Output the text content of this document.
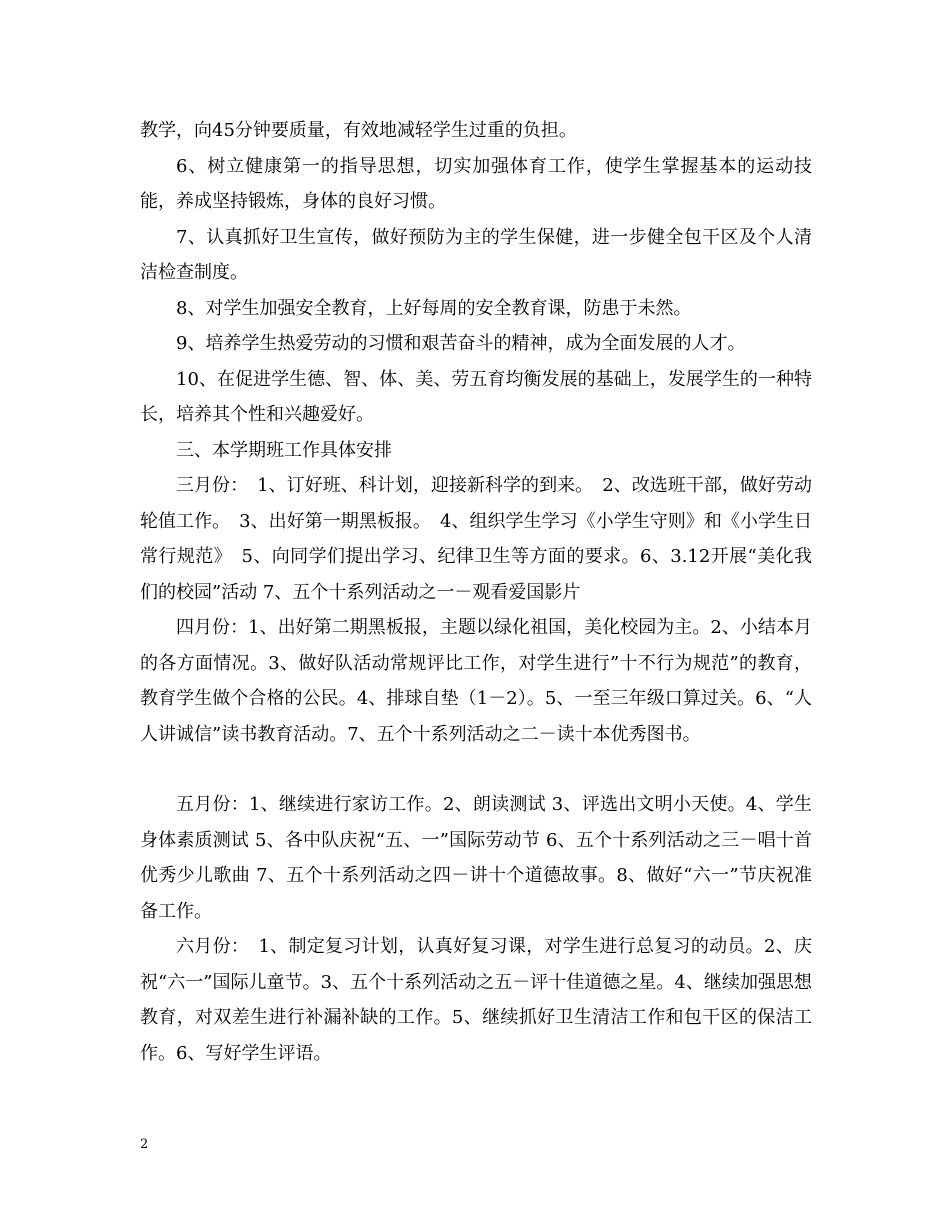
教学，向45分钟要质量，有效地减轻学生过重的负担。

6、树立健康第一的指导思想，切实加强体育工作，使学生掌握基本的运动技能，养成坚持锻炼，身体的良好习惯。

7、认真抓好卫生宣传，做好预防为主的学生保健，进一步健全包干区及个人清洁检查制度。

8、对学生加强安全教育，上好每周的安全教育课，防患于未然。

9、培养学生热爱劳动的习惯和艰苦奋斗的精神，成为全面发展的人才。

10、在促进学生德、智、体、美、劳五育均衡发展的基础上，发展学生的一种特长，培养其个性和兴趣爱好。

三、本学期班工作具体安排

三月份：　1、订好班、科计划，迎接新科学的到来。　2、改选班干部，做好劳动轮值工作。　3、出好第一期黑板报。　4、组织学生学习《小学生守则》和《小学生日常行规范》　5、向同学们提出学习、纪律卫生等方面的要求。6、3.12开展“美化我们的校园”活动 7、五个十系列活动之一－观看爱国影片

四月份：1、出好第二期黑板报，主题以绿化祖国，美化校园为主。2、小结本月的各方面情况。3、做好队活动常规评比工作，对学生进行”十不行为规范”的教育，教育学生做个合格的公民。4、排球自垫（1－2）。5、一至三年级口算过关。6、“人人讲诚信”读书教育活动。7、五个十系列活动之二－读十本优秀图书。

五月份：1、继续进行家访工作。2、朗读测试 3、评选出文明小天使。4、学生身体素质测试 5、各中队庆祝“五、一”国际劳动节 6、五个十系列活动之三－唱十首优秀少儿歌曲 7、五个十系列活动之四－讲十个道德故事。8、做好“六一”节庆祝准备工作。

六月份：　1、制定复习计划，认真好复习课，对学生进行总复习的动员。2、庆祝“六一”国际儿童节。3、五个十系列活动之五－评十佳道德之星。4、继续加强思想教育，对双差生进行补漏补缺的工作。5、继续抓好卫生清洁工作和包干区的保洁工作。6、写好学生评语。

2
